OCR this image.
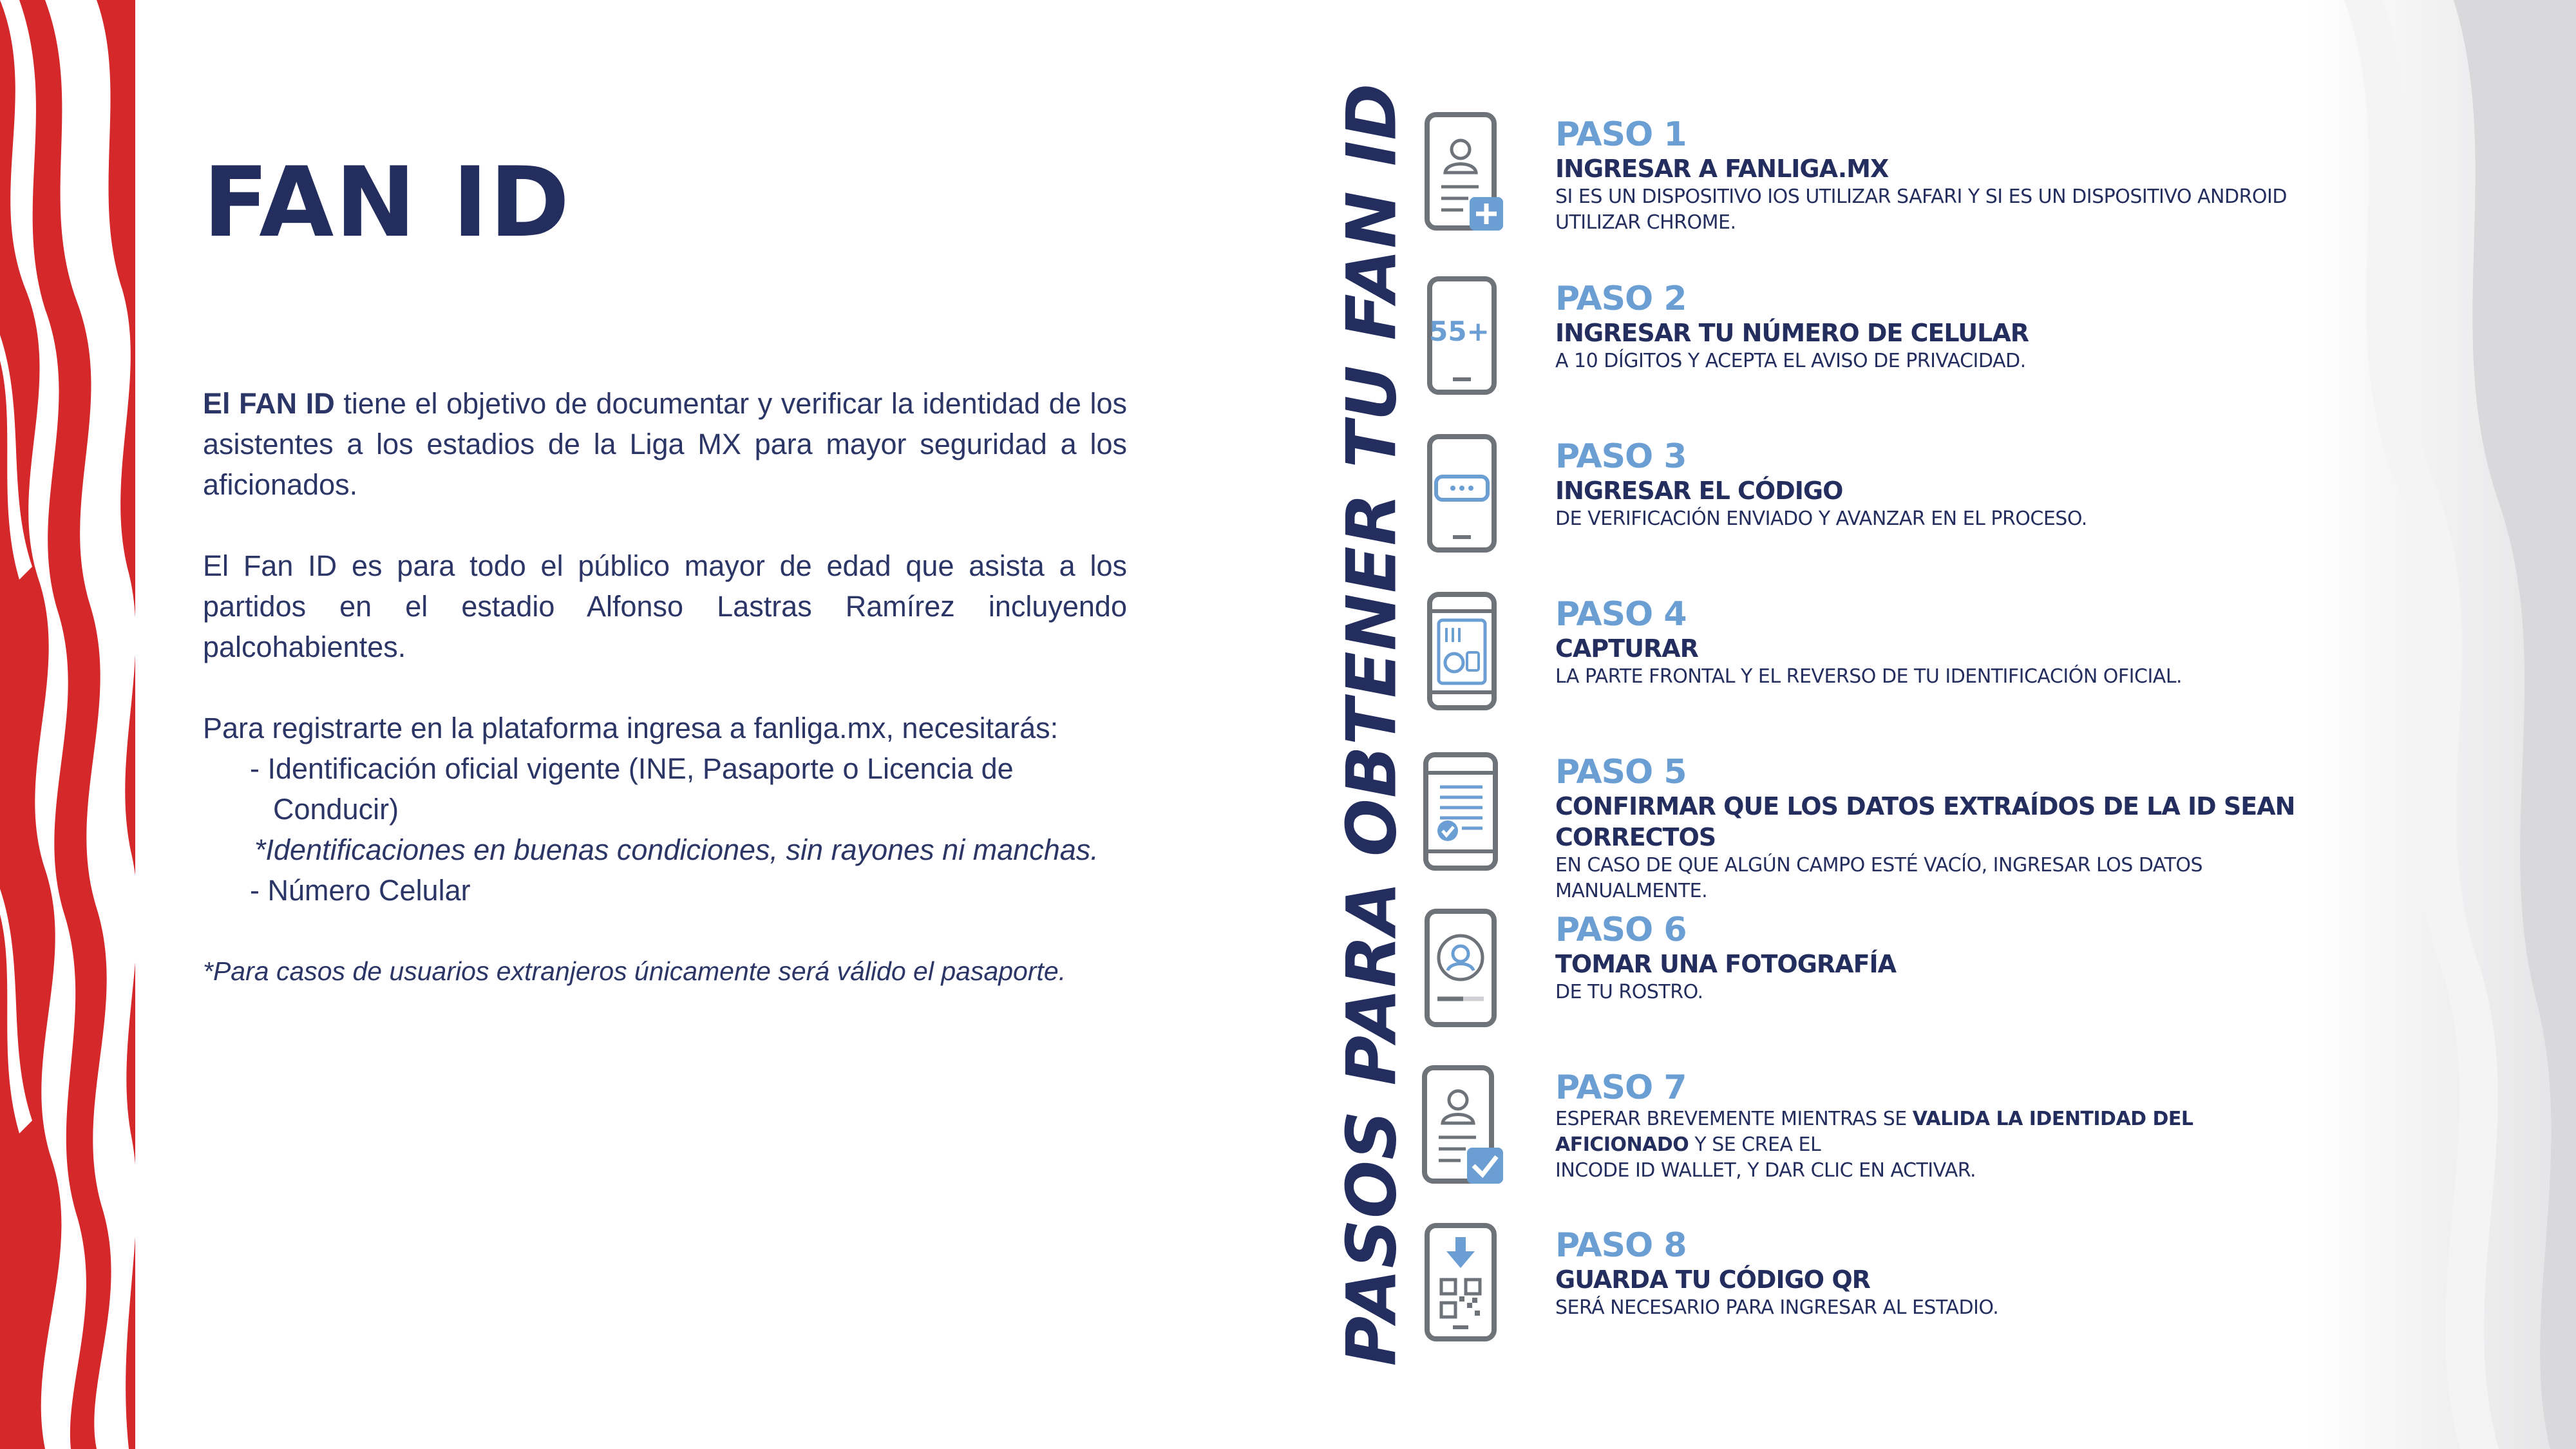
FAN ID

El FAN ID tiene el objetivo de documentar y verificar la identidad de los asistentes a los estadios de la Liga MX para mayor seguridad a los aficionados.

El Fan ID es para todo el público mayor de edad que asista a los partidos en el estadio Alfonso Lastras Ramírez incluyendo palcohabientes.

Para registrarte en la plataforma ingresa a fanliga.mx, necesitarás:

- Identificación oficial vigente (INE, Pasaporte o Licencia de
Conducir)

*Identificaciones en buenas condiciones, sin rayones ni manchas.

- Número Celular

*Para casos de usuarios extranjeros únicamente será válido el pasaporte.	PASOS PARA OBTENER TU FAN ID	PASO 1
INGRESAR A FANLIGA.MX
SI ES UN DISPOSITIVO IOS UTILIZAR SAFARI Y SI ES UN DISPOSITIVO ANDROID UTILIZAR CHROME.
55+
PASO 2
INGRESAR TU NÚMERO DE CELULAR
A 10 DÍGITOS Y ACEPTA EL AVISO DE PRIVACIDAD.
PASO 3
INGRESAR EL CÓDIGO
DE VERIFICACIÓN ENVIADO Y AVANZAR EN EL PROCESO.
PASO 4
CAPTURAR
LA PARTE FRONTAL Y EL REVERSO DE TU IDENTIFICACIÓN OFICIAL.
PASO 5
CONFIRMAR QUE LOS DATOS EXTRAÍDOS DE LA ID SEAN CORRECTOS
EN CASO DE QUE ALGÚN CAMPO ESTÉ VACÍO, INGRESAR LOS DATOS MANUALMENTE.
PASO 6
TOMAR UNA FOTOGRAFÍA
DE TU ROSTRO.
PASO 7
ESPERAR BREVEMENTE MIENTRAS SE VALIDA LA IDENTIDAD DEL AFICIONADO Y SE CREA EL
INCODE ID WALLET, Y DAR CLIC EN ACTIVAR.
PASO 8
GUARDA TU CÓDIGO QR
SERÁ NECESARIO PARA INGRESAR AL ESTADIO.
